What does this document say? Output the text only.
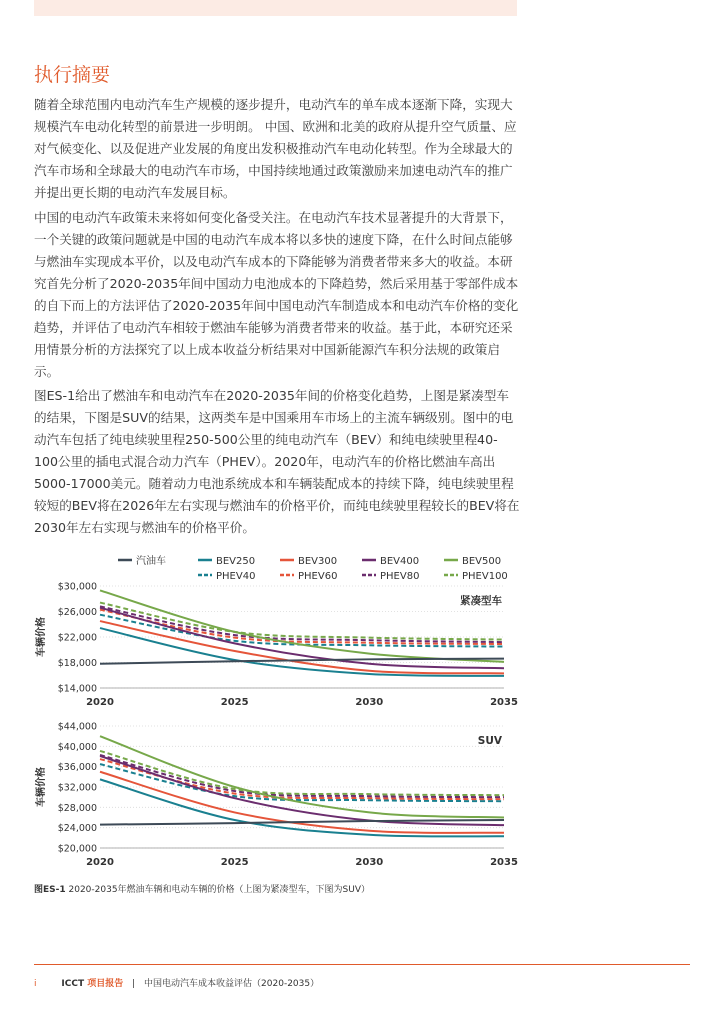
执行摘要

随着全球范围内电动汽车生产规模的逐步提升，电动汽车的单车成本逐渐下降，实现大规模汽车电动化转型的前景进一步明朗。 中国、欧洲和北美的政府从提升空气质量、应对气候变化、以及促进产业发展的角度出发积极推动汽车电动化转型。作为全球最大的汽车市场和全球最大的电动汽车市场，中国持续地通过政策激励来加速电动汽车的推广并提出更长期的电动汽车发展目标。

中国的电动汽车政策未来将如何变化备受关注。在电动汽车技术显著提升的大背景下，一个关键的政策问题就是中国的电动汽车成本将以多快的速度下降，在什么时间点能够与燃油车实现成本平价，以及电动汽车成本的下降能够为消费者带来多大的收益。本研究首先分析了2020-2035年间中国动力电池成本的下降趋势，然后采用基于零部件成本的自下而上的方法评估了2020-2035年间中国电动汽车制造成本和电动汽车价格的变化趋势，并评估了电动汽车相较于燃油车能够为消费者带来的收益。基于此，本研究还采用情景分析的方法探究了以上成本收益分析结果对中国新能源汽车积分法规的政策启示。

图ES-1给出了燃油车和电动汽车在2020-2035年间的价格变化趋势，上图是紧凑型车的结果，下图是SUV的结果，这两类车是中国乘用车市场上的主流车辆级别。图中的电动汽车包括了纯电续驶里程250-500公里的纯电动汽车（BEV）和纯电续驶里程40-100公里的插电式混合动力汽车（PHEV）。2020年，电动汽车的价格比燃油车高出5000-17000美元。随着动力电池系统成本和车辆装配成本的持续下降，纯电续驶里程较短的BEV将在2026年左右实现与燃油车的价格平价，而纯电续驶里程较长的BEV将在2030年左右实现与燃油车的价格平价。

汽油车	BEV250	BEV300	BEV400	BEV500
PHEV40	PHEV60	PHEV80	PHEV100
$14,000
$18,000
$22,000
$26,000
$30,000
2020	2025	2030	2035
车辆价格
紧凑型车
$20,000
$24,000
$28,000
$32,000
$36,000
$40,000
$44,000
2020	2025	2030	2035
车辆价格
SUV
图ES-1 2020-2035年燃油车辆和电动车辆的价格（上图为紧凑型车，下图为SUV）
i	ICCT 项目报告 | 中国电动汽车成本收益评估（2020-2035）
